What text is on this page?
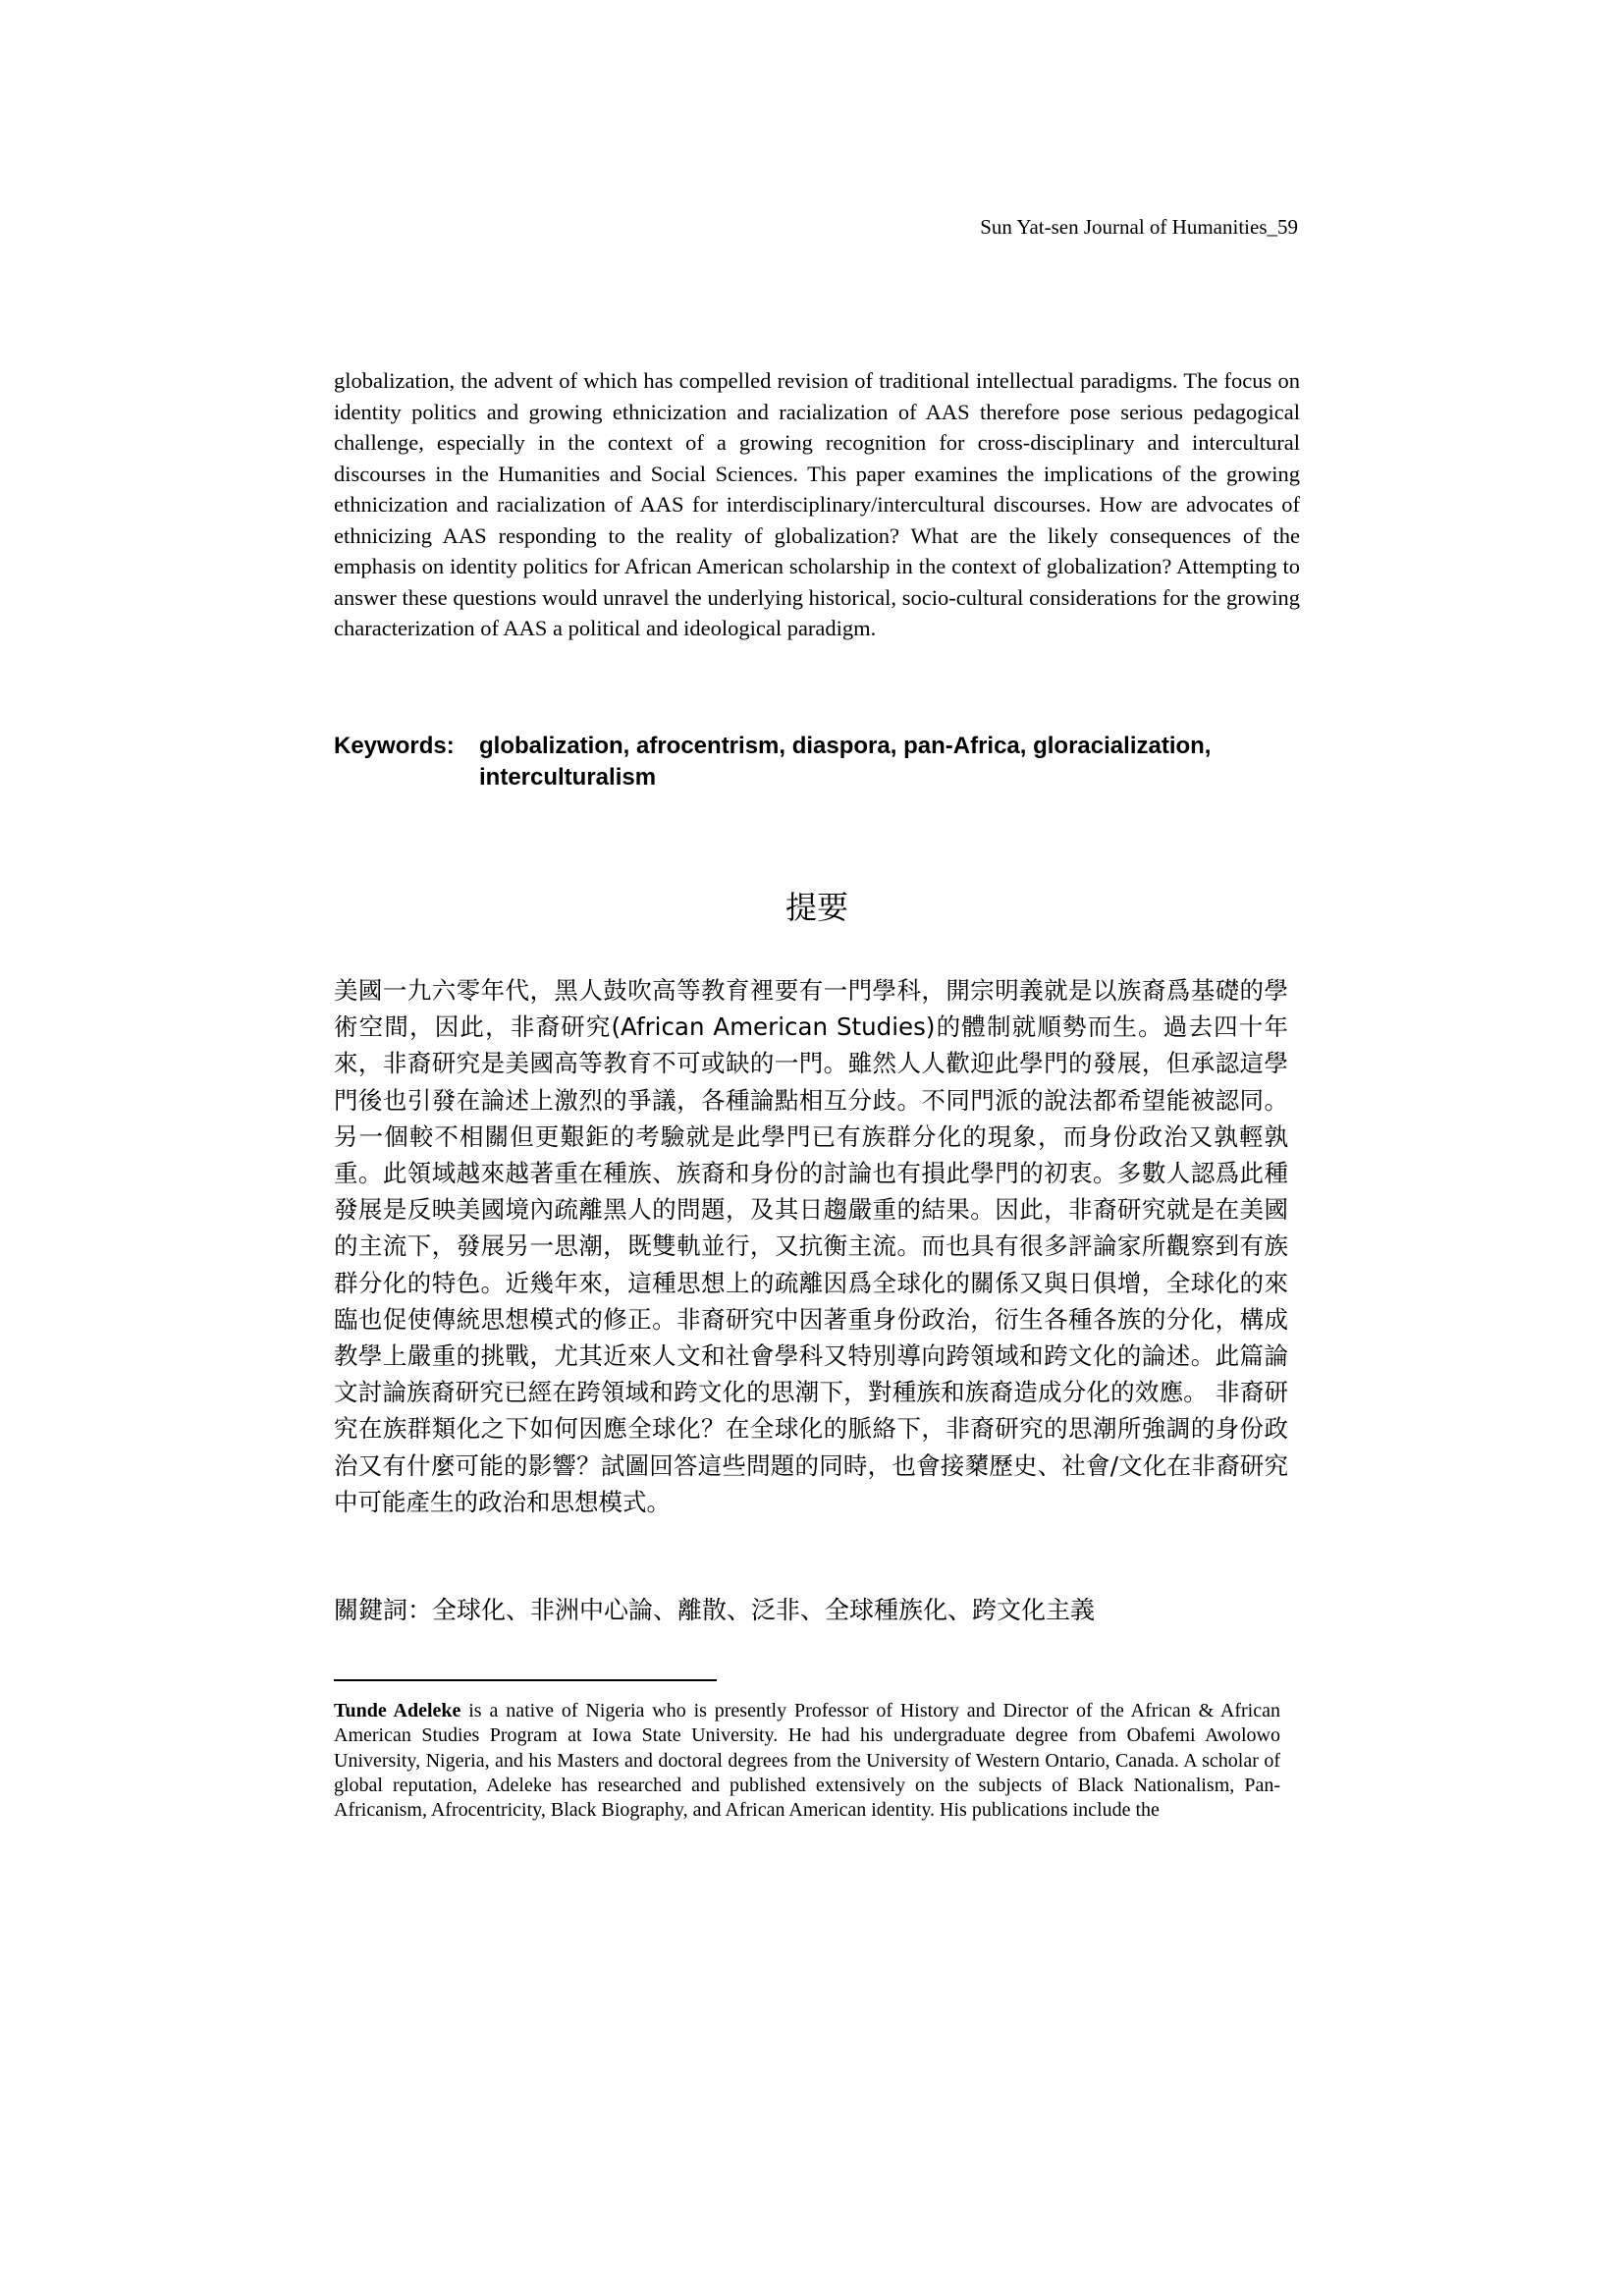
Sun Yat-sen Journal of Humanities_59

globalization, the advent of which has compelled revision of traditional intellectual paradigms. The focus on identity politics and growing ethnicization and racialization of AAS therefore pose serious pedagogical challenge, especially in the context of a growing recognition for cross-disciplinary and intercultural discourses in the Humanities and Social Sciences. This paper examines the implications of the growing ethnicization and racialization of AAS for interdisciplinary/intercultural discourses. How are advocates of ethnicizing AAS responding to the reality of globalization? What are the likely consequences of the emphasis on identity politics for African American scholarship in the context of globalization? Attempting to answer these questions would unravel the underlying historical, socio-cultural considerations for the growing characterization of AAS a political and ideological paradigm.

Keywords: globalization, afrocentrism, diaspora, pan-Africa, gloracialization, interculturalism
提要

美國一九六零年代，黑人鼓吹高等教育裡要有一門學科，開宗明義就是以族裔爲基礎的學術空間，因此，非裔研究(African American Studies)的體制就順勢而生。過去四十年來，非裔研究是美國高等教育不可或缺的一門。雖然人人歡迎此學門的發展，但承認這學門後也引發在論述上激烈的爭議，各種論點相互分歧。不同門派的說法都希望能被認同。另一個較不相關但更艱鉅的考驗就是此學門已有族群分化的現象，而身份政治又孰輕孰重。此領域越來越著重在種族、族裔和身份的討論也有損此學門的初衷。多數人認爲此種發展是反映美國境內疏離黑人的問題，及其日趨嚴重的結果。因此，非裔研究就是在美國的主流下，發展另一思潮，既雙軌並行，又抗衡主流。而也具有很多評論家所觀察到有族群分化的特色。近幾年來，這種思想上的疏離因爲全球化的關係又與日俱增，全球化的來臨也促使傳統思想模式的修正。非裔研究中因著重身份政治，衍生各種各族的分化，構成教學上嚴重的挑戰，尤其近來人文和社會學科又特別導向跨領域和跨文化的論述。此篇論文討論族裔研究已經在跨領域和跨文化的思潮下，對種族和族裔造成分化的效應。 非裔研究在族群類化之下如何因應全球化？在全球化的脈絡下，非裔研究的思潮所強調的身份政治又有什麼可能的影響？試圖回答這些問題的同時，也會接櫫歷史、社會/文化在非裔研究中可能產生的政治和思想模式。

關鍵詞：全球化、非洲中心論、離散、泛非、全球種族化、跨文化主義

Tunde Adeleke is a native of Nigeria who is presently Professor of History and Director of the African & African American Studies Program at Iowa State University. He had his undergraduate degree from Obafemi Awolowo University, Nigeria, and his Masters and doctoral degrees from the University of Western Ontario, Canada. A scholar of global reputation, Adeleke has researched and published extensively on the subjects of Black Nationalism, Pan-Africanism, Afrocentricity, Black Biography, and African American identity. His publications include the
